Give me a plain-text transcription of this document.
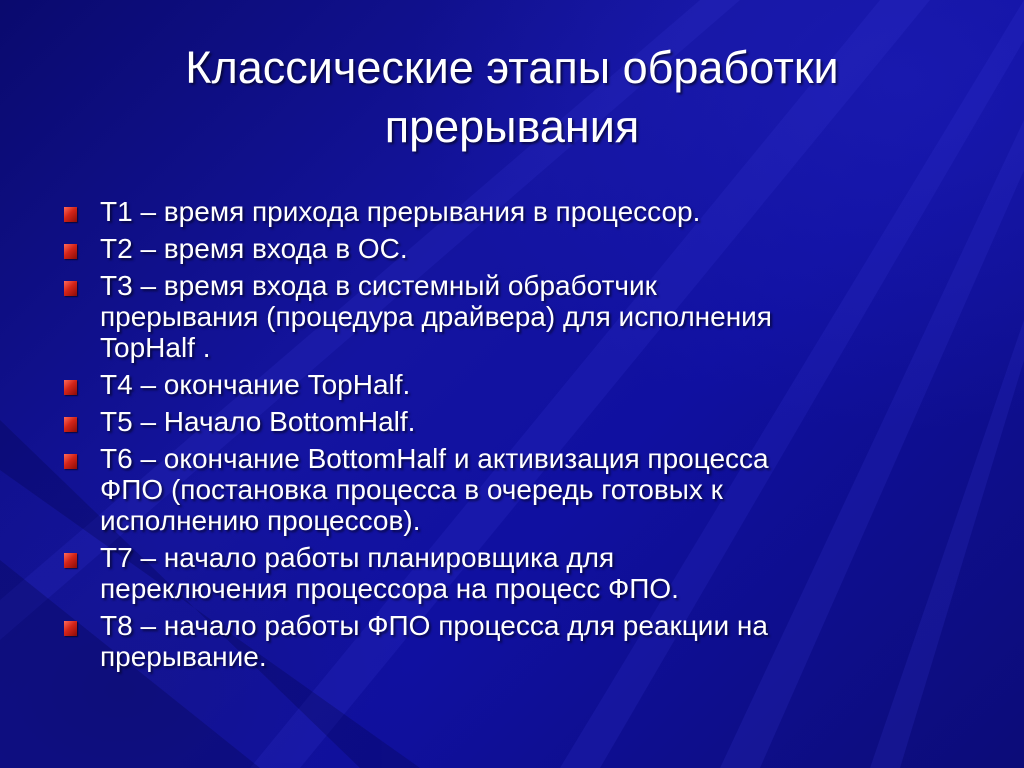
Классические этапы обработки
прерывания
T1 – время прихода прерывания в процессор.
T2 – время входа в ОС.
T3 – время входа в системный обработчик
прерывания (процедура драйвера) для исполнения
TopHalf .
T4 – окончание TopHalf.
T5 – Начало BottomHalf.
T6 – окончание BottomHalf и активизация процесса
ФПО (постановка процесса в очередь готовых к
исполнению процессов).
T7 – начало работы планировщика для
переключения процессора на процесс ФПО.
T8 – начало работы ФПО процесса для реакции на
прерывание.
